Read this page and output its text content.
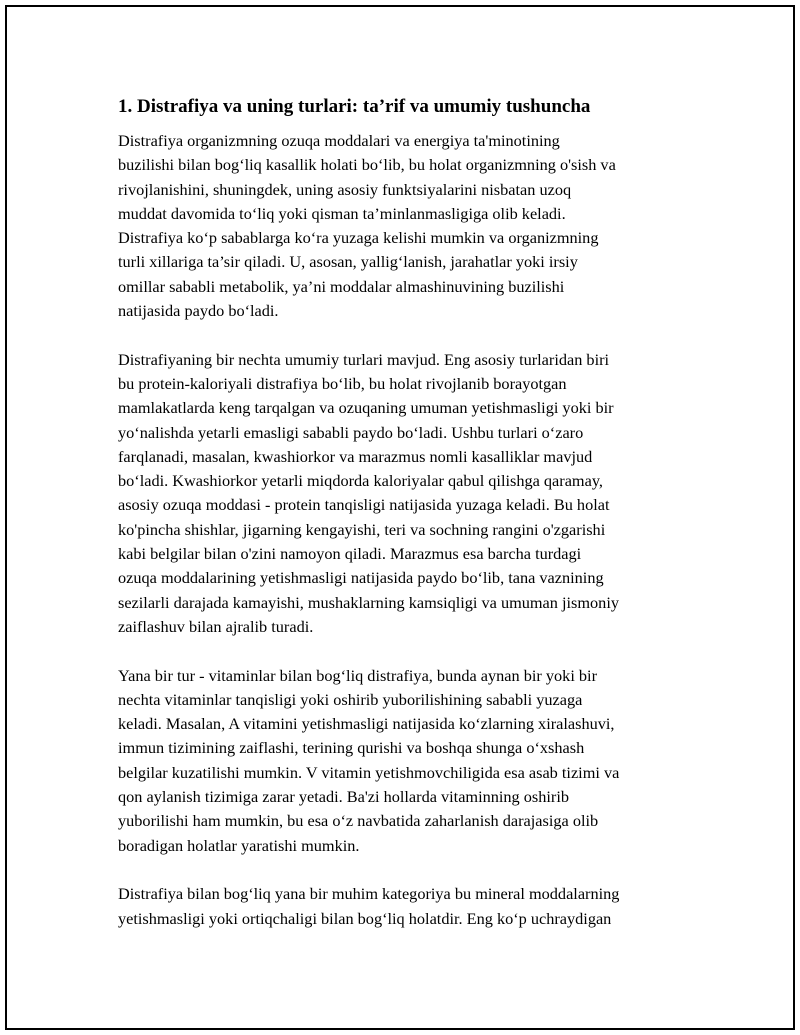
1. Distrafiya va uning turlari: ta’rif va umumiy tushuncha
Distrafiya organizmning ozuqa moddalari va energiya ta'minotining
buzilishi bilan bog‘liq kasallik holati bo‘lib, bu holat organizmning o'sish va
rivojlanishini, shuningdek, uning asosiy funktsiyalarini nisbatan uzoq
muddat davomida to‘liq yoki qisman ta’minlanmasligiga olib keladi.
Distrafiya ko‘p sabablarga ko‘ra yuzaga kelishi mumkin va organizmning
turli xillariga ta’sir qiladi. U, asosan, yallig‘lanish, jarahatlar yoki irsiy
omillar sababli metabolik, ya’ni moddalar almashinuvining buzilishi
natijasida paydo bo‘ladi.
Distrafiyaning bir nechta umumiy turlari mavjud. Eng asosiy turlaridan biri
bu protein-kaloriyali distrafiya bo‘lib, bu holat rivojlanib borayotgan
mamlakatlarda keng tarqalgan va ozuqaning umuman yetishmasligi yoki bir
yo‘nalishda yetarli emasligi sababli paydo bo‘ladi. Ushbu turlari o‘zaro
farqlanadi, masalan, kwashiorkor va marazmus nomli kasalliklar mavjud
bo‘ladi. Kwashiorkor yetarli miqdorda kaloriyalar qabul qilishga qaramay,
asosiy ozuqa moddasi - protein tanqisligi natijasida yuzaga keladi. Bu holat
ko'pincha shishlar, jigarning kengayishi, teri va sochning rangini o'zgarishi
kabi belgilar bilan o'zini namoyon qiladi. Marazmus esa barcha turdagi
ozuqa moddalarining yetishmasligi natijasida paydo bo‘lib, tana vaznining
sezilarli darajada kamayishi, mushaklarning kamsiqligi va umuman jismoniy
zaiflashuv bilan ajralib turadi.
Yana bir tur - vitaminlar bilan bog‘liq distrafiya, bunda aynan bir yoki bir
nechta vitaminlar tanqisligi yoki oshirib yuborilishining sababli yuzaga
keladi. Masalan, A vitamini yetishmasligi natijasida ko‘zlarning xiralashuvi,
immun tizimining zaiflashi, terining qurishi va boshqa shunga o‘xshash
belgilar kuzatilishi mumkin. V vitamin yetishmovchiligida esa asab tizimi va
qon aylanish tizimiga zarar yetadi. Ba'zi hollarda vitaminning oshirib
yuborilishi ham mumkin, bu esa o‘z navbatida zaharlanish darajasiga olib
boradigan holatlar yaratishi mumkin.
Distrafiya bilan bog‘liq yana bir muhim kategoriya bu mineral moddalarning
yetishmasligi yoki ortiqchaligi bilan bog‘liq holatdir. Eng ko‘p uchraydigan
